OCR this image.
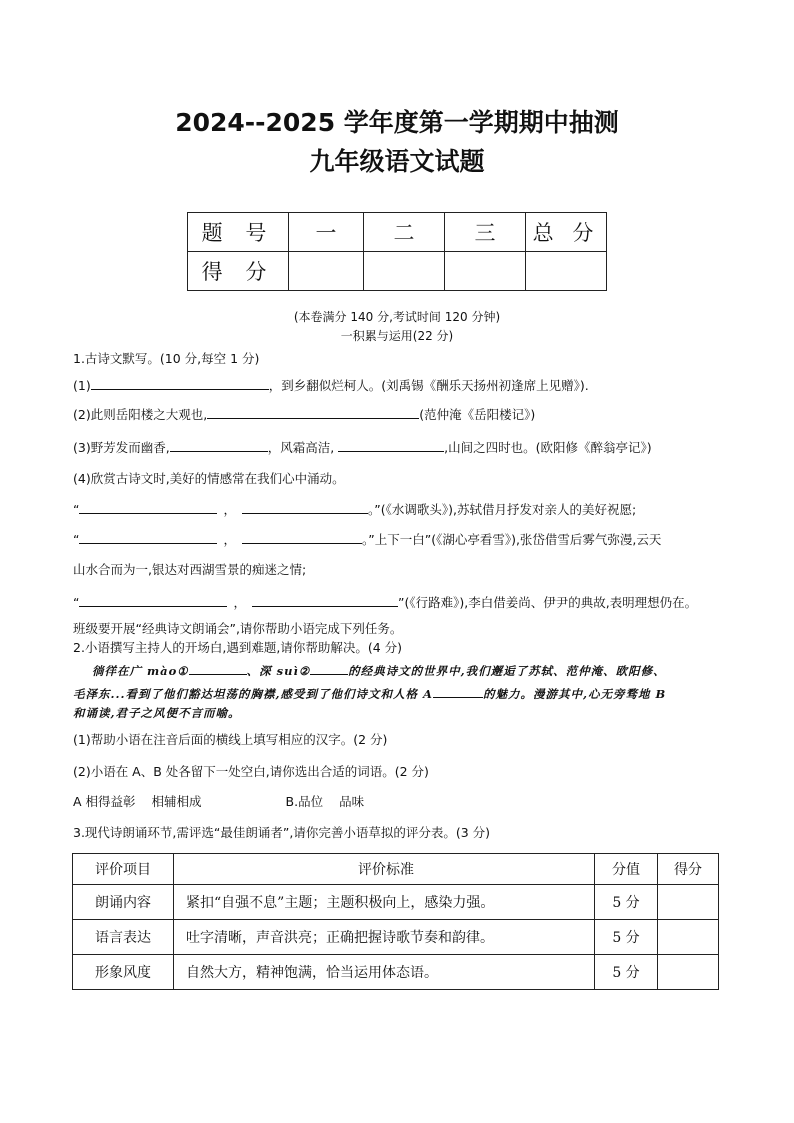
2024--2025 学年度第一学期期中抽测
九年级语文试题
题 号	一	二	三	总 分
得 分				
(本卷满分 140 分,考试时间 120 分钟)
一积累与运用(22 分)
1.古诗文默写。(10 分,每空 1 分)
(1)	，到乡翻似烂柯人。(刘禹锡《酬乐天扬州初逢席上见赠》).
(2)此则岳阳楼之大观也,	(范仲淹《岳阳楼记》)
(3)野芳发而幽香,	，风霜高洁,	,山间之四时也。(欧阳修《醉翁亭记》)
(4)欣赏古诗文时,美好的情感常在我们心中涌动。
“	，	。”(《水调歌头》),苏轼借月抒发对亲人的美好祝愿;
“	，	。”上下一白”(《湖心亭看雪》),张岱借雪后雾气弥漫,云天
山水合而为一,银达对西湖雪景的痴迷之情;
“	，	”(《行路难》),李白借姜尚、伊尹的典故,表明理想仍在。
班级要开展“经典诗文朗诵会”,请你帮助小语完成下列任务。
2.小语撰写主持人的开场白,遇到难题,请你帮助解决。(4 分)
徜徉在广 mào①	、深 suì②	的经典诗文的世界中,我们邂逅了苏轼、范仲淹、欧阳修、
毛泽东...看到了他们豁达坦荡的胸襟,感受到了他们诗文和人格 A	的魅力。漫游其中,心无旁骛地 B
和诵读,君子之风便不言而喻。
(1)帮助小语在注音后面的横线上填写相应的汉字。(2 分)
(2)小语在 A、B 处各留下一处空白,请你选出合适的词语。(2 分)
A 相得益彰 相辅相成	B.品位 品味
3.现代诗朗诵环节,需评选“最佳朗诵者”,请你完善小语草拟的评分表。(3 分)
评价项目	评价标准	分值	得分
朗诵内容	紧扣“自强不息”主题；主题积极向上，感染力强。	5 分	
语言表达	吐字清晰，声音洪亮；正确把握诗歌节奏和韵律。	5 分	
形象风度	自然大方，精神饱满，恰当运用体态语。	5 分	
